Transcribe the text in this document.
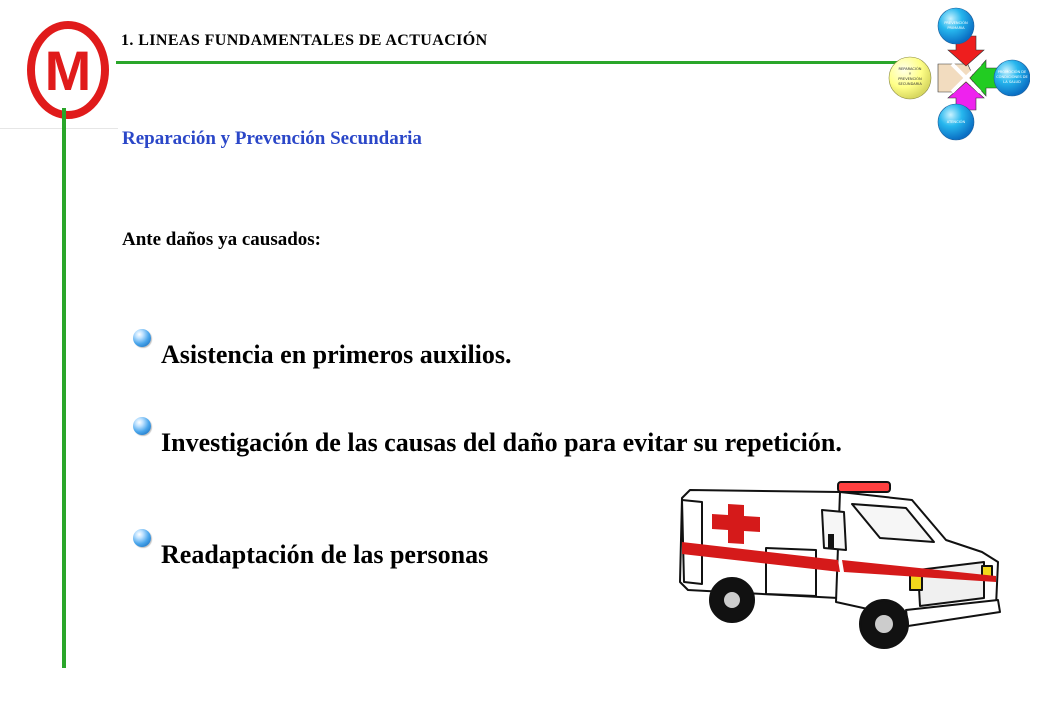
M 1. LINEAS FUNDAMENTALES DE ACTUACIÓN
PREVENCIÓN
PRIMARIA
REPARACIÓN
Y
PREVENCIÓN
SECUNDARIA
PROMOCIÓN DE
CONDICIONES DE
LA SALUD
ATENCIÓN
Reparación y Prevención Secundaria
Ante daños ya causados:
Asistencia en primeros auxilios.
Investigación de las causas del daño para evitar su repetición.
Readaptación de las personas
